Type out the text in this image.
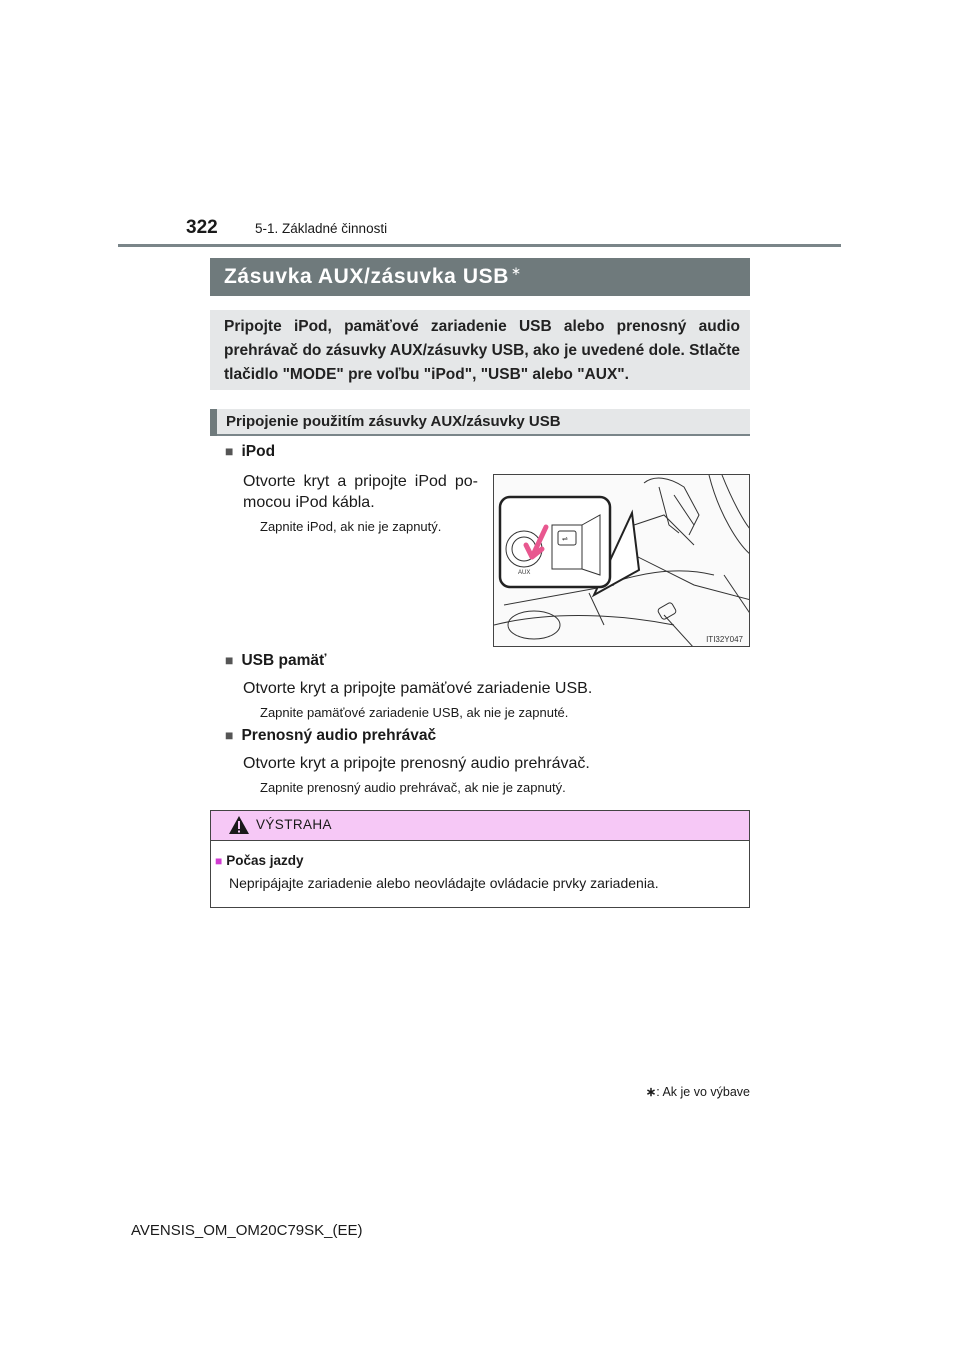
322	5-1. Základné činnosti
Zásuvka AUX/zásuvka USB ∗
Pripojte iPod, pamäťové zariadenie USB alebo prenosný audio prehrávač do zásuvky AUX/zásuvky USB, ako je uvedené dole. Stlačte tlačidlo "MODE" pre voľbu "iPod", "USB" alebo "AUX".
Pripojenie použitím zásuvky AUX/zásuvky USB
■ iPod
Otvorte kryt a pripojte iPod po-
mocou iPod kábla.
Zapnite iPod, ak nie je zapnutý.
⇌
AUX
ITI32Y047
■ USB pamäť
Otvorte kryt a pripojte pamäťové zariadenie USB.
Zapnite pamäťové zariadenie USB, ak nie je zapnuté.
■ Prenosný audio prehrávač
Otvorte kryt a pripojte prenosný audio prehrávač.
Zapnite prenosný audio prehrávač, ak nie je zapnutý.
VÝSTRAHA
■ Počas jazdy
Nepripájajte zariadenie alebo neovládajte ovládacie prvky zariadenia.
∗: Ak je vo výbave
AVENSIS_OM_OM20C79SK_(EE)
